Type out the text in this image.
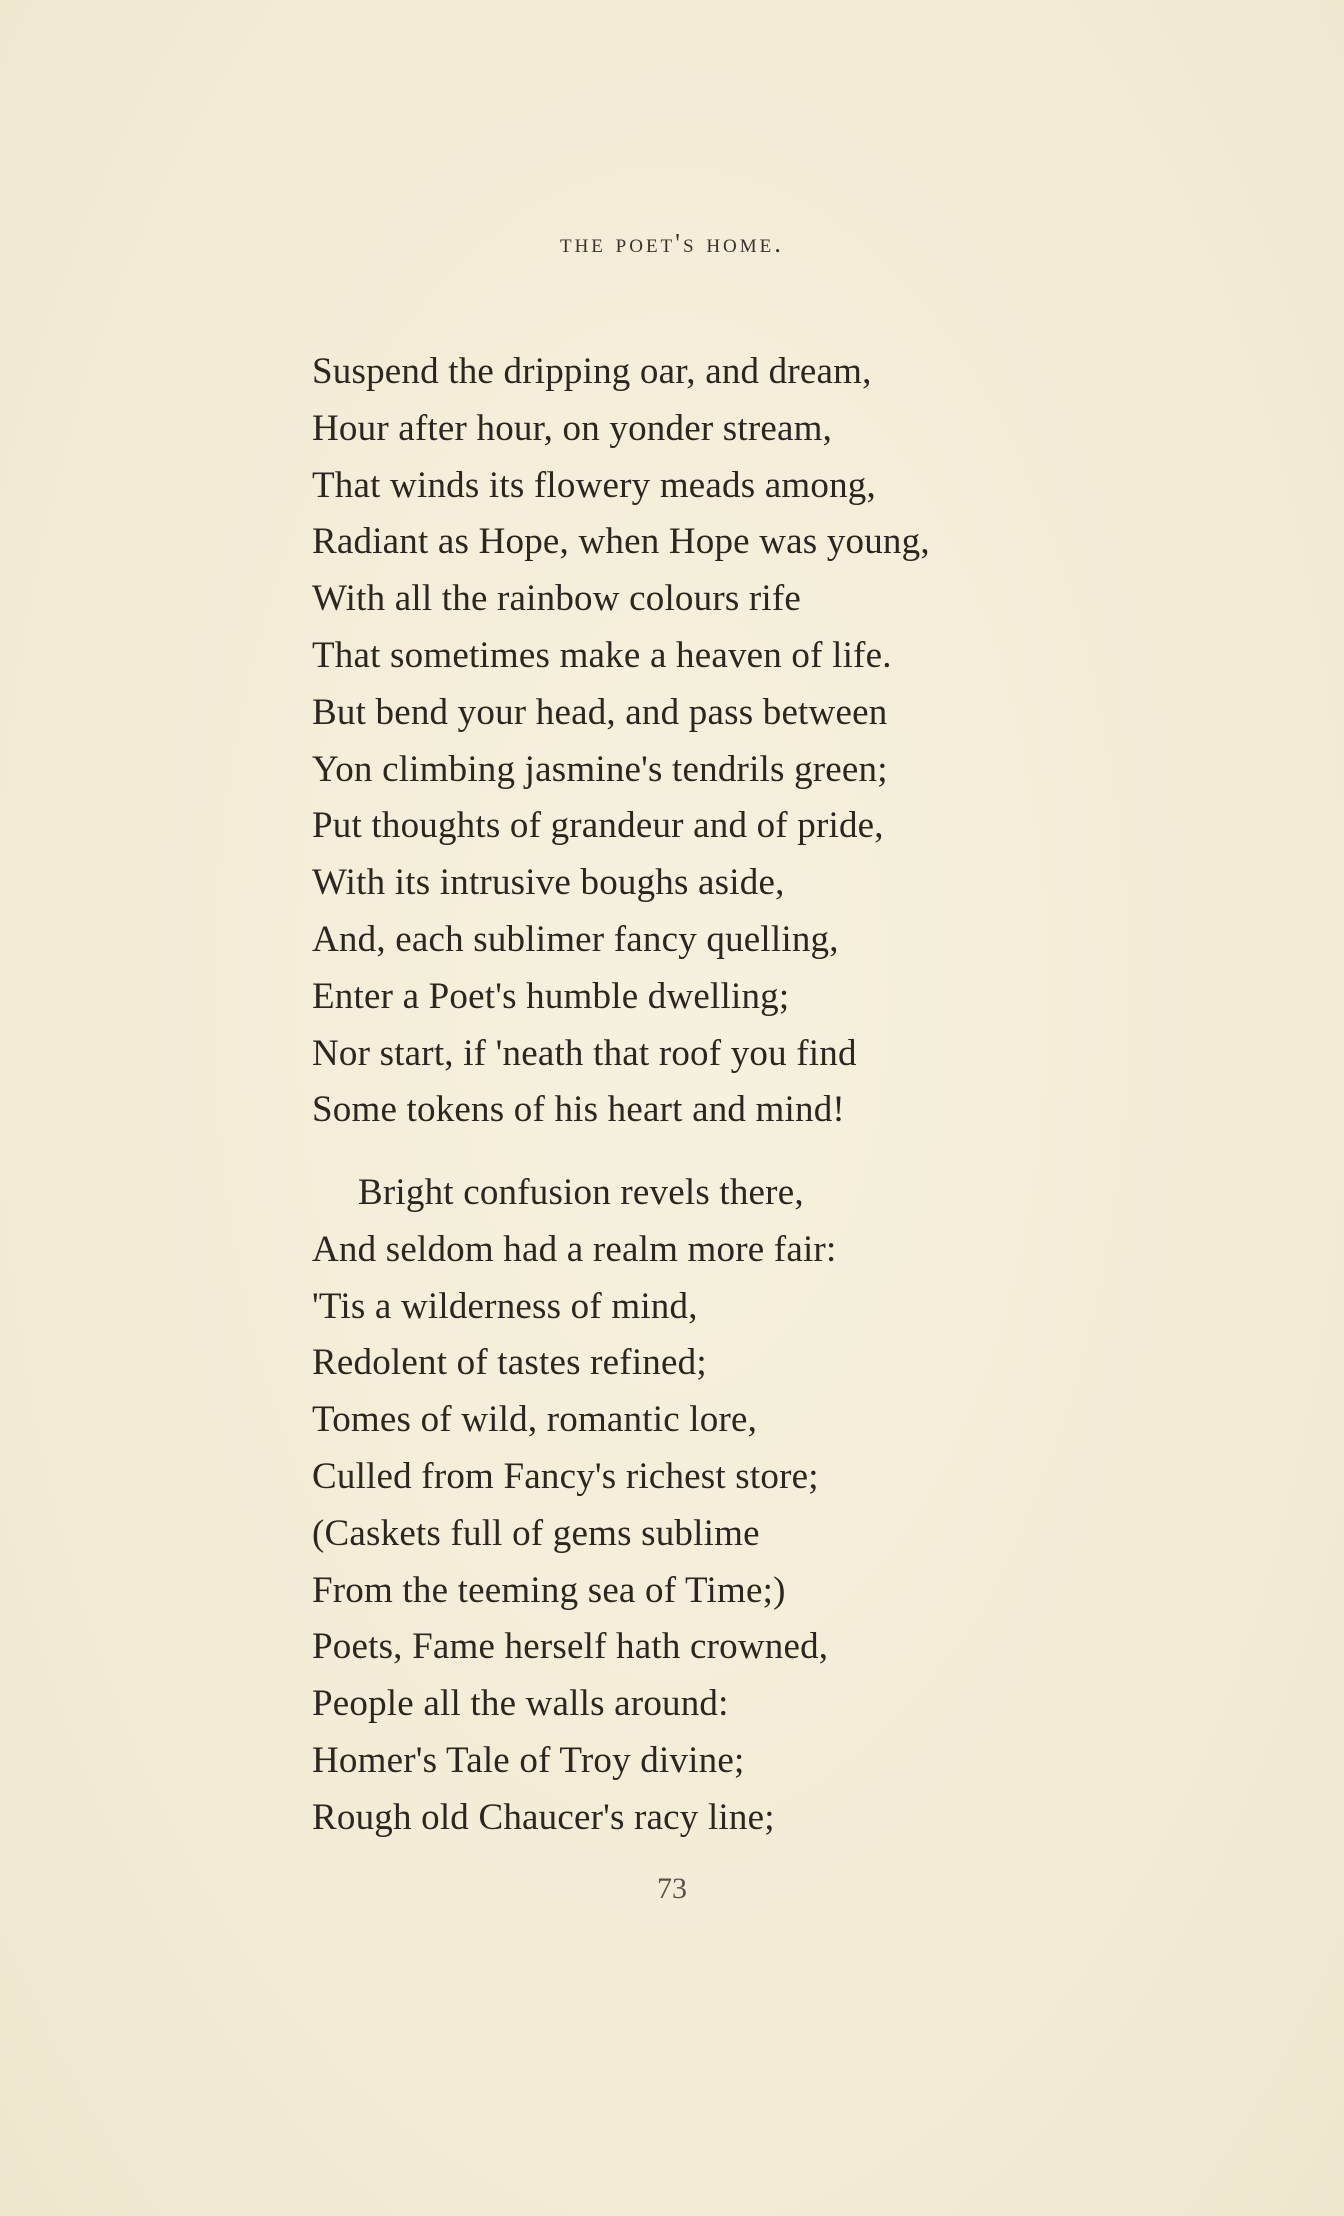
the poet's home.
Suspend the dripping oar, and dream,
Hour after hour, on yonder stream,
That winds its flowery meads among,
Radiant as Hope, when Hope was young,
With all the rainbow colours rife
That sometimes make a heaven of life.
But bend your head, and pass between
Yon climbing jasmine's tendrils green;
Put thoughts of grandeur and of pride,
With its intrusive boughs aside,
And, each sublimer fancy quelling,
Enter a Poet's humble dwelling;
Nor start, if 'neath that roof you find
Some tokens of his heart and mind!
Bright confusion revels there,
And seldom had a realm more fair:
'Tis a wilderness of mind,
Redolent of tastes refined;
Tomes of wild, romantic lore,
Culled from Fancy's richest store;
(Caskets full of gems sublime
From the teeming sea of Time;)
Poets, Fame herself hath crowned,
People all the walls around:
Homer's Tale of Troy divine;
Rough old Chaucer's racy line;
73
